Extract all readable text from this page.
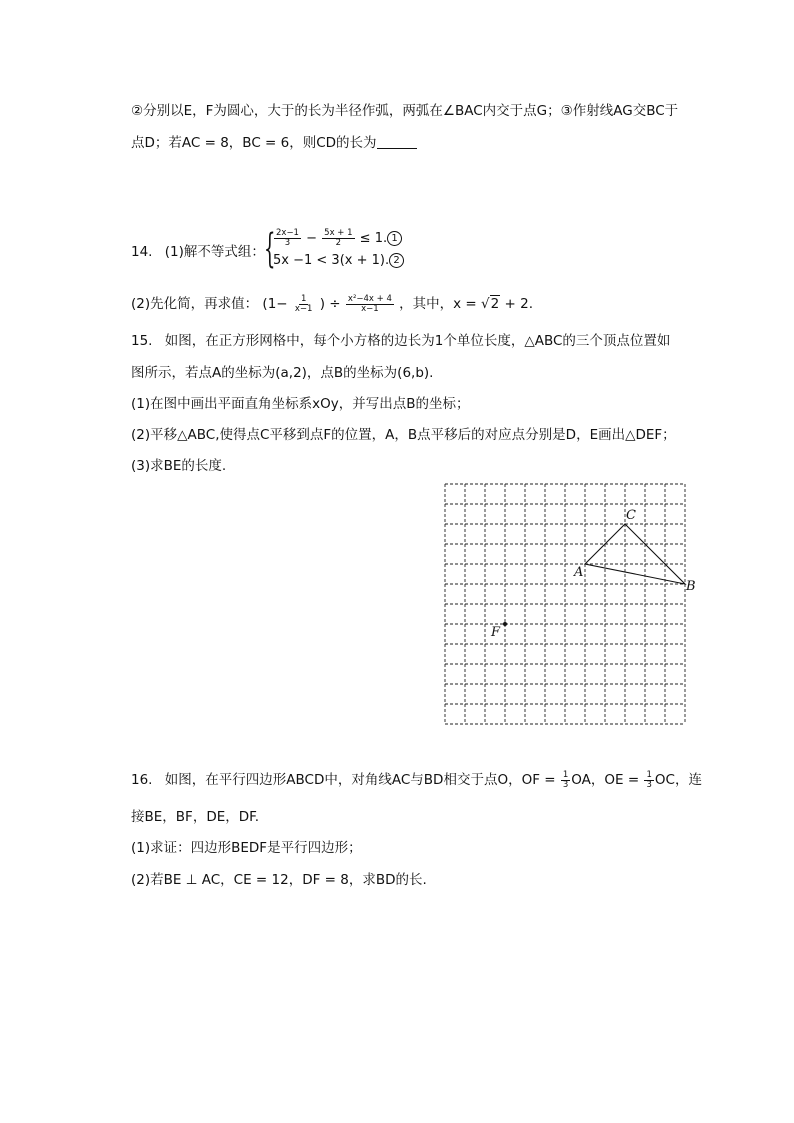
②分别以E，F为圆心，大于的长为半径作弧，两弧在∠BAC内交于点G；③作射线AG交BC于
点D；若AC = 8，BC = 6，则CD的长为
14. (1)解不等式组： {
$\frac{2x-1}{3} - \frac{5x + 1}{2} \le 1$. 1
5x −1 < 3(x + 1). 2
(2)先化简，再求值： ($1- \frac{1}{x-1}$ ) ÷ $\frac{\text{x²−4x + 4}}{x-1}$ ，其中，x = √2 + 2.
15. 如图，在正方形网格中，每个小方格的边长为1个单位长度，△ABC的三个顶点位置如
图所示，若点A的坐标为(a,2)，点B的坐标为(6,b).
(1)在图中画出平面直角坐标系xOy，并写出点B的坐标；
(2)平移△ABC,使得点C平移到点F的位置，A，B点平移后的对应点分别是D，E画出△DEF；
(3)求BE的长度.
A
B
C
F
16. 如图，在平行四边形ABCD中，对角线AC与BD相交于点O，OF = $\frac{1}{3}$ OA，OE = $\frac{1}{3}$ OC，连
接BE，BF，DE，DF.
(1)求证：四边形BEDF是平行四边形；
(2)若BE ⊥ AC，CE = 12，DF = 8，求BD的长.
